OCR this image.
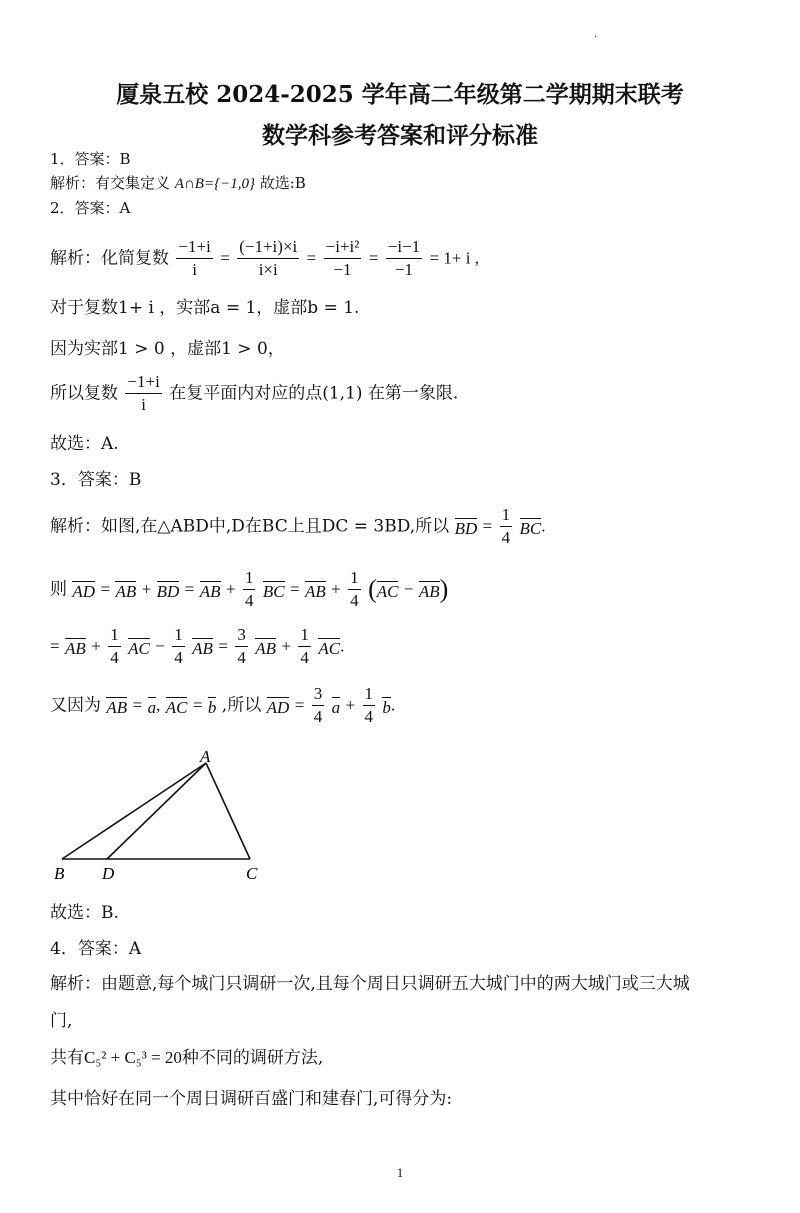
·
厦泉五校 2024-2025 学年高二年级第二学期期末联考
数学科参考答案和评分标准
1．答案：B
解析：有交集定义 A∩B={−1,0} 故选:B
2．答案：A
解析：化简复数 $\frac{-1+i}{i} = \frac{(-1+i)\times i}{i\times i} = \frac{\text{−i+i²}}{-1} = \frac{-i-1}{-1} = 1+ i$ ,
对于复数1+ i ，实部a = 1，虚部b = 1.
因为实部1 > 0 ，虚部1 > 0，
所以复数 $\frac{-1+i}{i}$ 在复平面内对应的点(1,1) 在第一象限.
故选：A.
3．答案：B
解析：如图,在△ABD中,D在BC上且DC = 3BD,所以 BD = $\frac{1}{4}$ BC.
则 AD = AB + BD = AB + $\frac{1}{4}$ BC = AB + $\frac{1}{4} (AC - AB)$
= AB + $\frac{1}{4}$ AC − $\frac{1}{4}$ AB = $\frac{3}{4}$ AB + $\frac{1}{4}$ AC.
又因为 AB = a, AC = b ,所以 AD = $\frac{3}{4}$ $a + \frac{1}{4} b$.
A
B D	C
故选：B.
4．答案：A
解析：由题意,每个城门只调研一次,且每个周日只调研五大城门中的两大城门或三大城
门,
共有C₅² + C₅³ = 20种不同的调研方法,
其中恰好在同一个周日调研百盛门和建春门,可得分为:
1
